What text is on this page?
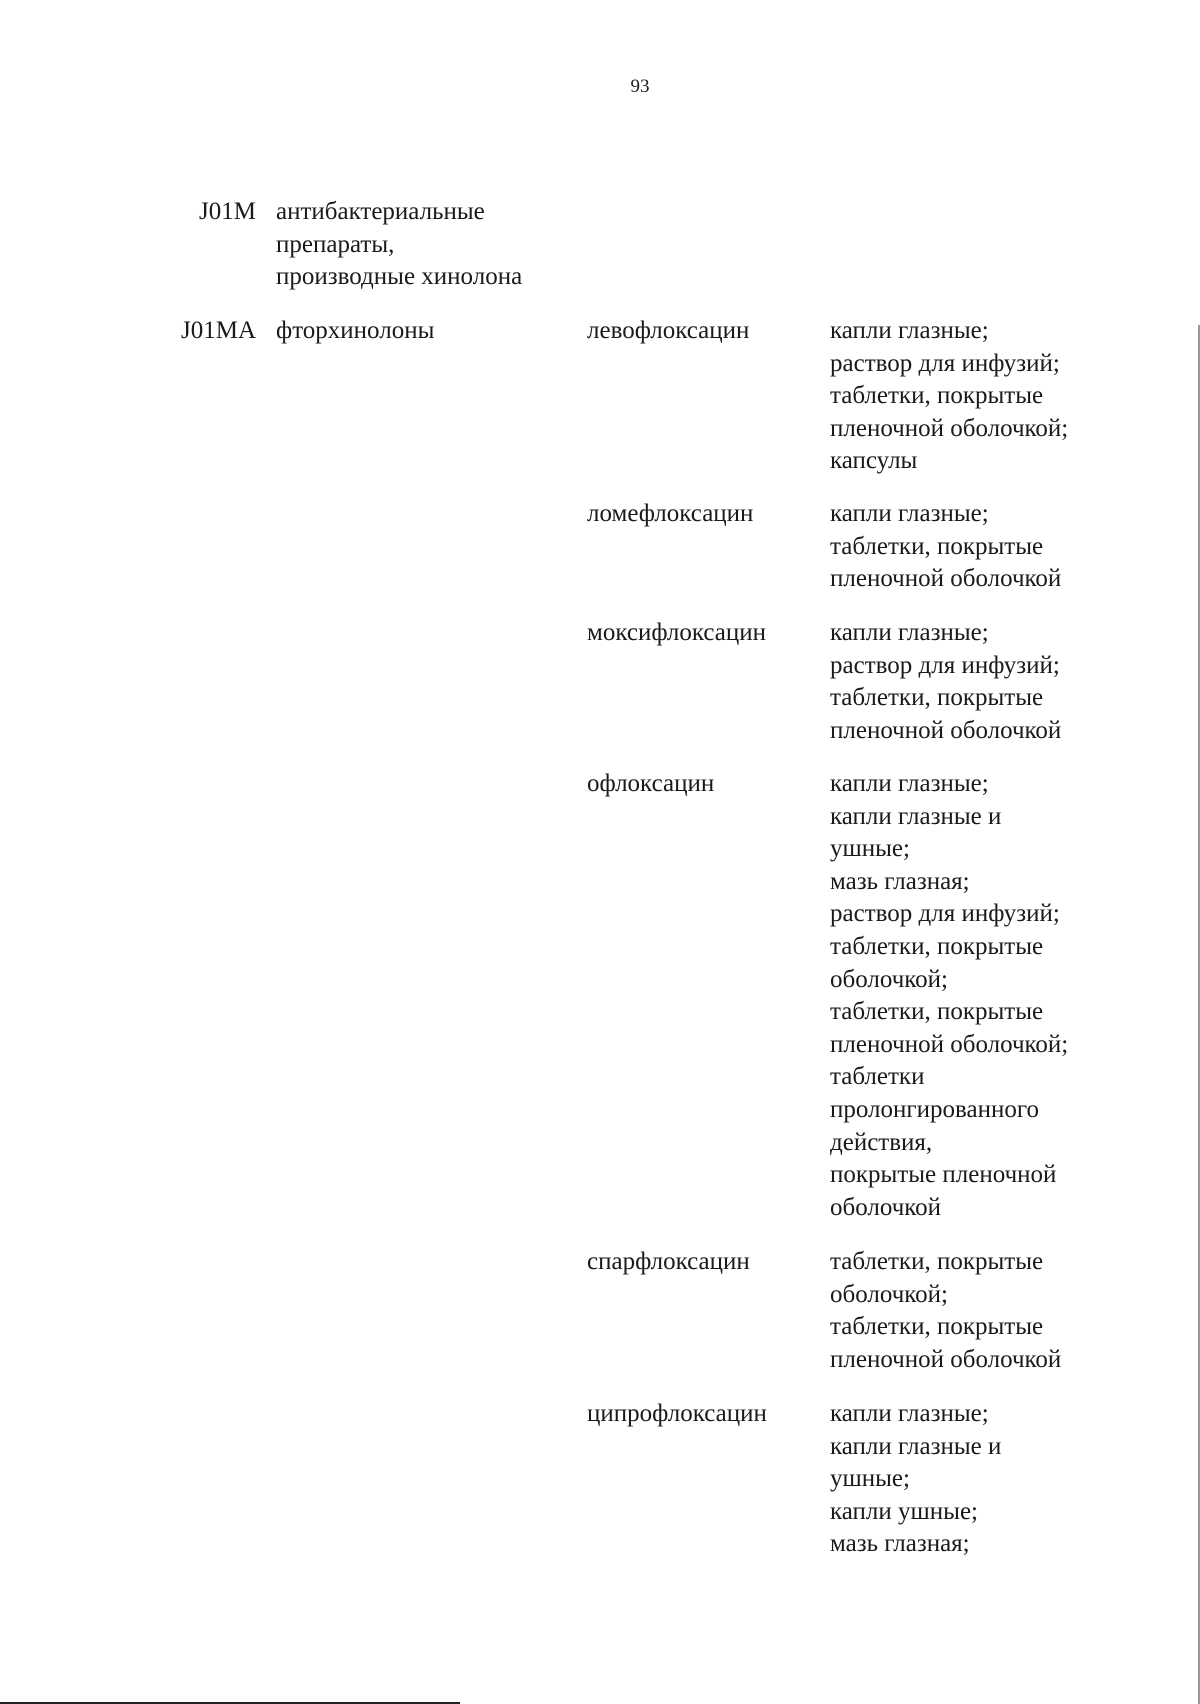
93
J01M антибактериальные
препараты,
производные хинолона
J01MA фторхинолоны	левофлоксацин	капли глазные;
раствор для инфузий;
таблетки, покрытые
пленочной оболочкой;
капсулы
ломефлоксацин	капли глазные;
таблетки, покрытые
пленочной оболочкой
моксифлоксацин	капли глазные;
раствор для инфузий;
таблетки, покрытые
пленочной оболочкой
офлоксацин	капли глазные;
капли глазные и
ушные;
мазь глазная;
раствор для инфузий;
таблетки, покрытые
оболочкой;
таблетки, покрытые
пленочной оболочкой;
таблетки
пролонгированного
действия,
покрытые пленочной
оболочкой
спарфлоксацин	таблетки, покрытые
оболочкой;
таблетки, покрытые
пленочной оболочкой
ципрофлоксацин	капли глазные;
капли глазные и
ушные;
капли ушные;
мазь глазная;
